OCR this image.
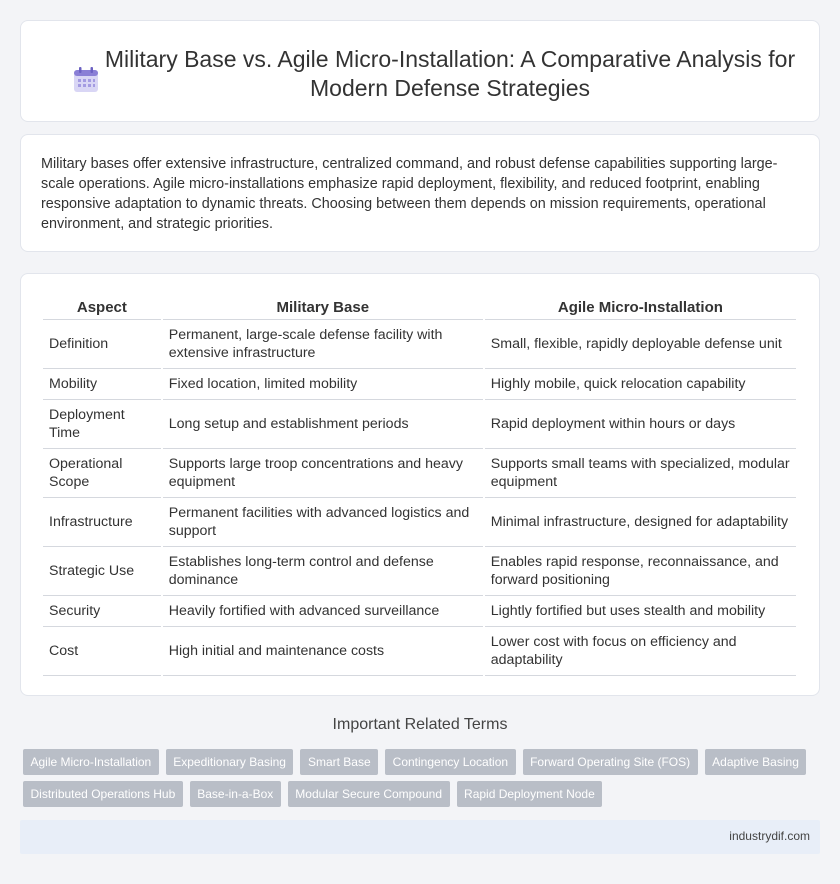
Military Base vs. Agile Micro-Installation: A Comparative Analysis for Modern Defense Strategies

Military bases offer extensive infrastructure, centralized command, and robust defense capabilities supporting large-scale operations. Agile micro-installations emphasize rapid deployment, flexibility, and reduced footprint, enabling responsive adaptation to dynamic threats. Choosing between them depends on mission requirements, operational environment, and strategic priorities.

Aspect	Military Base	Agile Micro-Installation
Definition	Permanent, large-scale defense facility with extensive infrastructure	Small, flexible, rapidly deployable defense unit
Mobility	Fixed location, limited mobility	Highly mobile, quick relocation capability
Deployment Time	Long setup and establishment periods	Rapid deployment within hours or days
Operational Scope	Supports large troop concentrations and heavy equipment	Supports small teams with specialized, modular equipment
Infrastructure	Permanent facilities with advanced logistics and support	Minimal infrastructure, designed for adaptability
Strategic Use	Establishes long-term control and defense dominance	Enables rapid response, reconnaissance, and forward positioning
Security	Heavily fortified with advanced surveillance	Lightly fortified but uses stealth and mobility
Cost	High initial and maintenance costs	Lower cost with focus on efficiency and adaptability
Important Related Terms
Agile Micro-Installation	Expeditionary Basing	Smart Base	Contingency Location	Forward Operating Site (FOS)	Adaptive Basing
Distributed Operations Hub	Base-in-a-Box	Modular Secure Compound	Rapid Deployment Node
industrydif.com
